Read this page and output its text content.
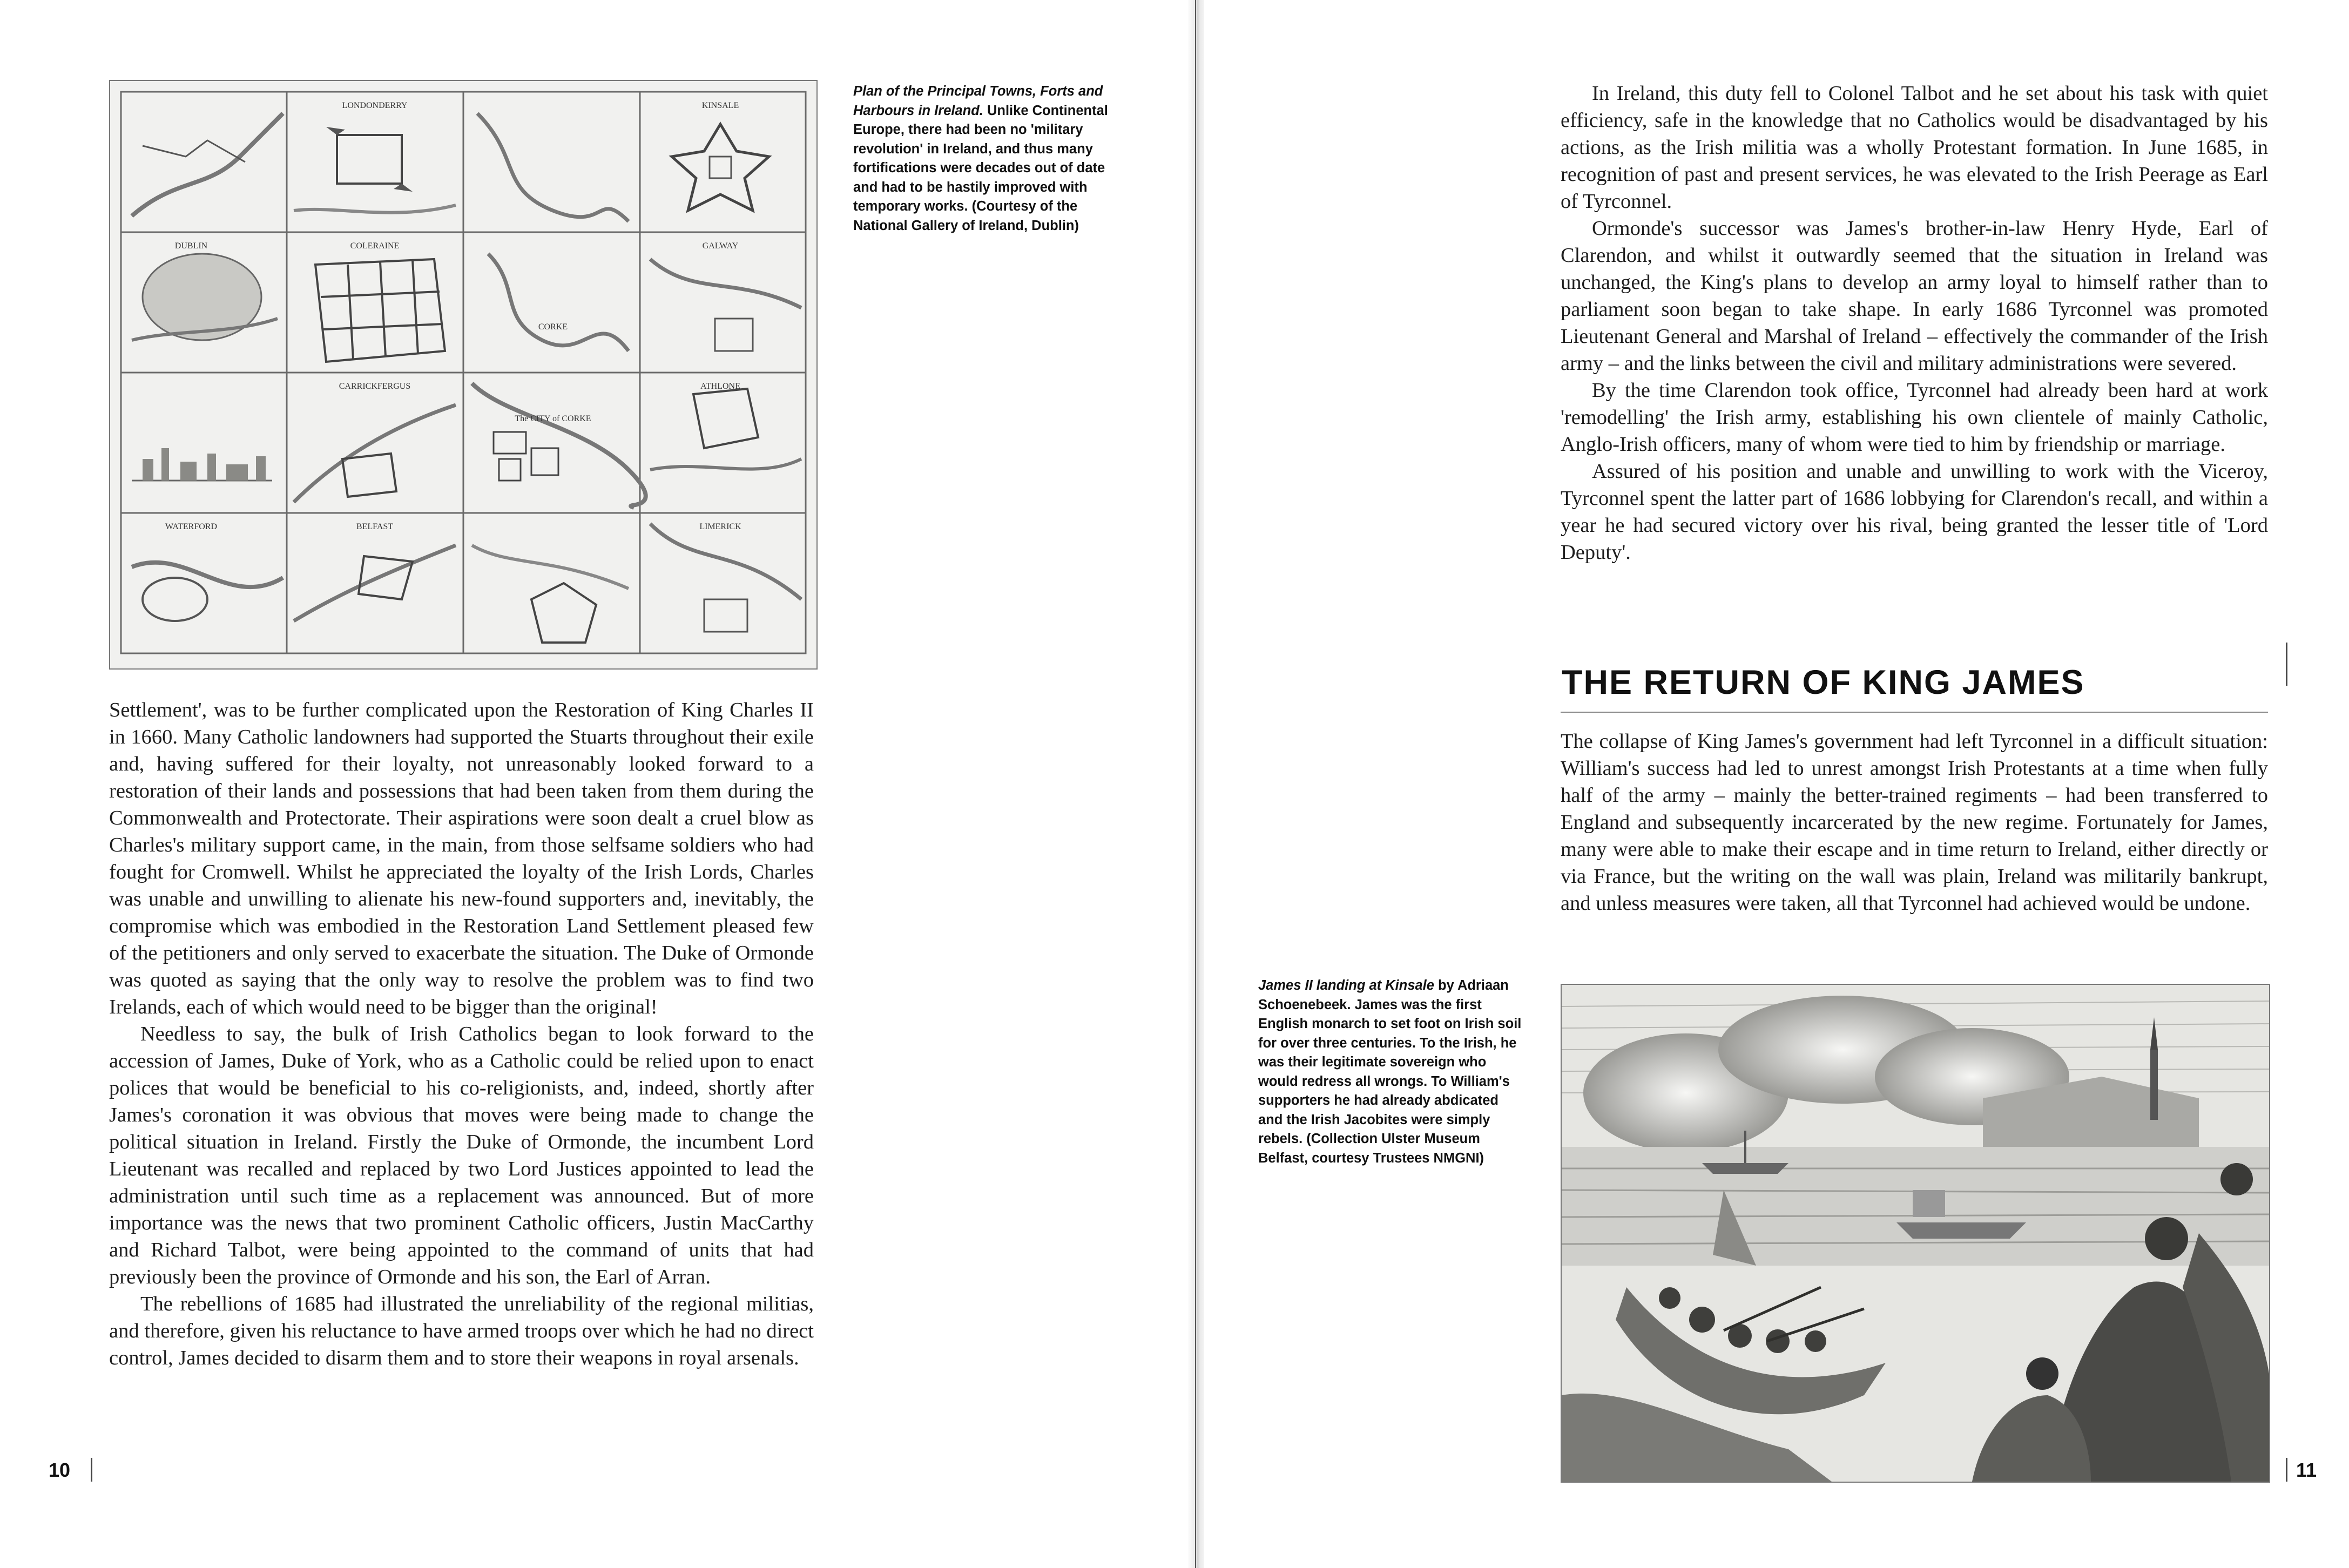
LONDONDERRY	KINSALE
DUBLIN	COLERAINE	GALWAY
CORKE
CARRICKFERGUS	ATHLONE
The CITY of CORKE
LIMERICK
WATERFORD	BELFAST
Plan of the Principal Towns, Forts and Harbours in Ireland. Unlike Continental Europe, there had been no 'military revolution' in Ireland, and thus many fortifications were decades out of date and had to be hastily improved with temporary works. (Courtesy of the National Gallery of Ireland, Dublin)

Settlement', was to be further complicated upon the Restoration of King Charles II in 1660. Many Catholic landowners had supported the Stuarts throughout their exile and, having suffered for their loyalty, not unreasonably looked forward to a restoration of their lands and possessions that had been taken from them during the Commonwealth and Protectorate. Their aspirations were soon dealt a cruel blow as Charles's military support came, in the main, from those selfsame soldiers who had fought for Cromwell. Whilst he appreciated the loyalty of the Irish Lords, Charles was unable and unwilling to alienate his new-found supporters and, inevitably, the compromise which was embodied in the Restoration Land Settlement pleased few of the petitioners and only served to exacerbate the situation. The Duke of Ormonde was quoted as saying that the only way to resolve the problem was to find two Irelands, each of which would need to be bigger than the original!

Needless to say, the bulk of Irish Catholics began to look forward to the accession of James, Duke of York, who as a Catholic could be relied upon to enact polices that would be beneficial to his co-religionists, and, indeed, shortly after James's coronation it was obvious that moves were being made to change the political situation in Ireland. Firstly the Duke of Ormonde, the incumbent Lord Lieutenant was recalled and replaced by two Lord Justices appointed to lead the administration until such time as a replacement was announced. But of more importance was the news that two prominent Catholic officers, Justin MacCarthy and Richard Talbot, were being appointed to the command of units that had previously been the province of Ormonde and his son, the Earl of Arran.

The rebellions of 1685 had illustrated the unreliability of the regional militias, and therefore, given his reluctance to have armed troops over which he had no direct control, James decided to disarm them and to store their weapons in royal arsenals.

10

In Ireland, this duty fell to Colonel Talbot and he set about his task with quiet efficiency, safe in the knowledge that no Catholics would be disadvantaged by his actions, as the Irish militia was a wholly Protestant formation. In June 1685, in recognition of past and present services, he was elevated to the Irish Peerage as Earl of Tyrconnel.

Ormonde's successor was James's brother-in-law Henry Hyde, Earl of Clarendon, and whilst it outwardly seemed that the situation in Ireland was unchanged, the King's plans to develop an army loyal to himself rather than to parliament soon began to take shape. In early 1686 Tyrconnel was promoted Lieutenant General and Marshal of Ireland – effectively the commander of the Irish army – and the links between the civil and military administrations were severed.

By the time Clarendon took office, Tyrconnel had already been hard at work 'remodelling' the Irish army, establishing his own clientele of mainly Catholic, Anglo-Irish officers, many of whom were tied to him by friendship or marriage.

Assured of his position and unable and unwilling to work with the Viceroy, Tyrconnel spent the latter part of 1686 lobbying for Clarendon's recall, and within a year he had secured victory over his rival, being granted the lesser title of 'Lord Deputy'.

THE RETURN OF KING JAMES

The collapse of King James's government had left Tyrconnel in a difficult situation: William's success had led to unrest amongst Irish Protestants at a time when fully half of the army – mainly the better-trained regiments – had been transferred to England and subsequently incarcerated by the new regime. Fortunately for James, many were able to make their escape and in time return to Ireland, either directly or via France, but the writing on the wall was plain, Ireland was militarily bankrupt, and unless measures were taken, all that Tyrconnel had achieved would be undone.

James II landing at Kinsale by Adriaan Schoenebeek. James was the first English monarch to set foot on Irish soil for over three centuries. To the Irish, he was their legitimate sovereign who would redress all wrongs. To William's supporters he had already abdicated and the Irish Jacobites were simply rebels. (Collection Ulster Museum Belfast, courtesy Trustees NMGNI)
11
